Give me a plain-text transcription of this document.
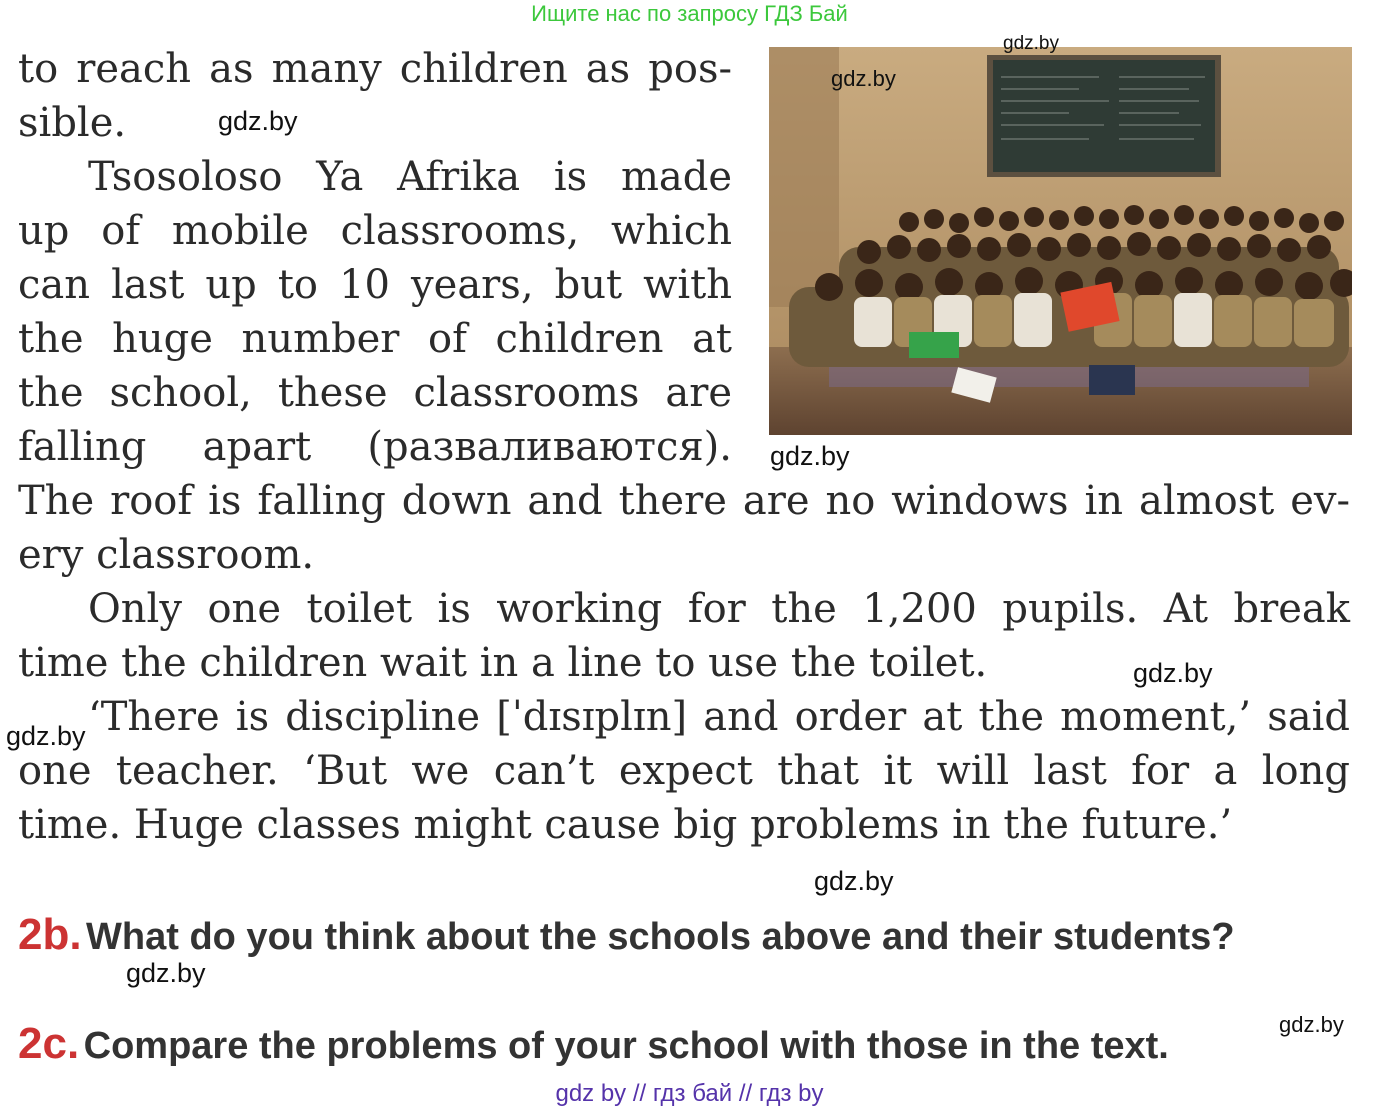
Ищите нас по запросу ГДЗ Бай
to reach as many children as pos-
sible.
Tsosoloso Ya Afrika is made
up of mobile classrooms, which
can last up to 10 years, but with
the huge number of children at
the school, these classrooms are
falling apart (разваливаются).
The roof is falling down and there are no windows in almost ev-
ery classroom.
Only one toilet is working for the 1,200 pupils. At break
time the children wait in a line to use the toilet.
‘There is discipline [ˈdɪsɪplɪn] and order at the moment,’ said
one teacher. ‘But we can’t expect that it will last for a long
time. Huge classes might cause big problems in the future.’
2b. What do you think about the schools above and their students?
2c. Compare the problems of your school with those in the text.
gdz.by
gdz.by
gdz.by
gdz.by
gdz.by
gdz.by
gdz.by
gdz.by
gdz.by
gdz by // гдз бай // гдз by
